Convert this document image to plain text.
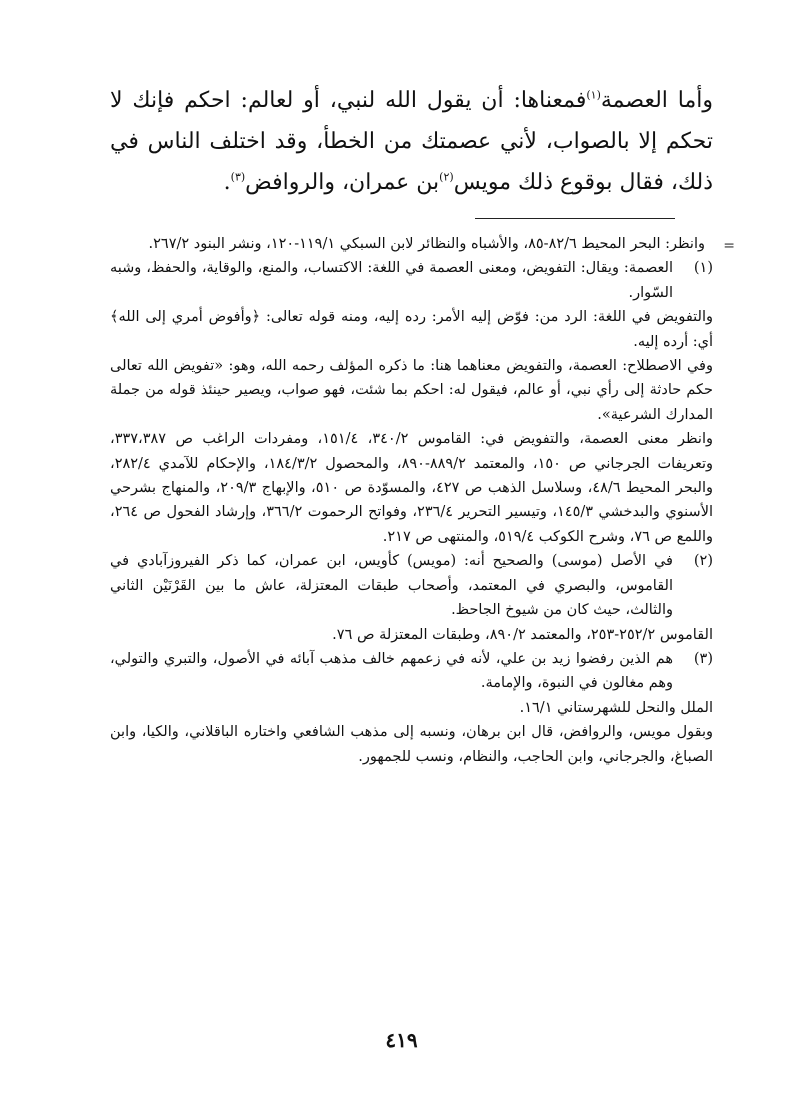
وأما العصمة$^{(١)}$فمعناها: أن يقول الله لنبي، أو لعالم: احكم فإنك لا تحكم إلا بالصواب، لأني عصمتك من الخطأ، وقد اختلف الناس في ذلك، فقال بوقوع ذلك مويس$^{(٢)}$بن عمران، والروافض$^{(٣)}$.

=
وانظر: البحر المحيط ٨٢/٦-٨٥، والأشباه والنظائر لابن السبكي ١١٩/١-١٢٠، ونشر البنود ٢٦٧/٢.

(١)
العصمة: ويقال: التفويض، ومعنى العصمة في اللغة: الاكتساب، والمنع، والوقاية، والحفظ، وشبه السّوار.

والتفويض في اللغة: الرد من: فوّض إليه الأمر: رده إليه، ومنه قوله تعالى: ﴿وأفوض أمري إلى الله﴾ أي: أرده إليه.

وفي الاصطلاح: العصمة، والتفويض معناهما هنا: ما ذكره المؤلف رحمه الله، وهو: «تفويض الله تعالى حكم حادثة إلى رأي نبي، أو عالم، فيقول له: احكم بما شئت، فهو صواب، ويصير حينئذ قوله من جملة المدارك الشرعية».

وانظر معنى العصمة، والتفويض في: القاموس ٣٤٠/٢، ١٥١/٤، ومفردات الراغب ص ٣٣٧،٣٨٧، وتعريفات الجرجاني ص ١٥٠، والمعتمد ٨٨٩/٢-٨٩٠، والمحصول ١٨٤/٣/٢، والإحكام للآمدي ٢٨٢/٤، والبحر المحيط ٤٨/٦، وسلاسل الذهب ص ٤٢٧، والمسوّدة ص ٥١٠، والإبهاج ٢٠٩/٣، والمنهاج بشرحي الأسنوي والبدخشي ١٤٥/٣، وتيسير التحرير ٢٣٦/٤، وفواتح الرحموت ٣٦٦/٢، وإرشاد الفحول ص ٢٦٤، واللمع ص ٧٦، وشرح الكوكب ٥١٩/٤، والمنتهى ص ٢١٧.

(٢)
في الأصل (موسى) والصحيح أنه: (مويس) كأويس، ابن عمران، كما ذكر الفيروزآبادي في القاموس، والبصري في المعتمد، وأصحاب طبقات المعتزلة، عاش ما بين القَرْنَيْن الثاني والثالث، حيث كان من شيوخ الجاحظ.

القاموس ٢٥٢/٢-٢٥٣، والمعتمد ٨٩٠/٢، وطبقات المعتزلة ص ٧٦.

(٣)
هم الذين رفضوا زيد بن علي، لأنه في زعمهم خالف مذهب آبائه في الأصول، والتبري والتولي، وهم مغالون في النبوة، والإمامة.

الملل والنحل للشهرستاني ١٦/١.

وبقول مويس، والروافض، قال ابن برهان، ونسبه إلى مذهب الشافعي واختاره الباقلاني، والكيا، وابن الصباغ، والجرجاني، وابن الحاجب، والنظام، ونسب للجمهور.

٤١٩
